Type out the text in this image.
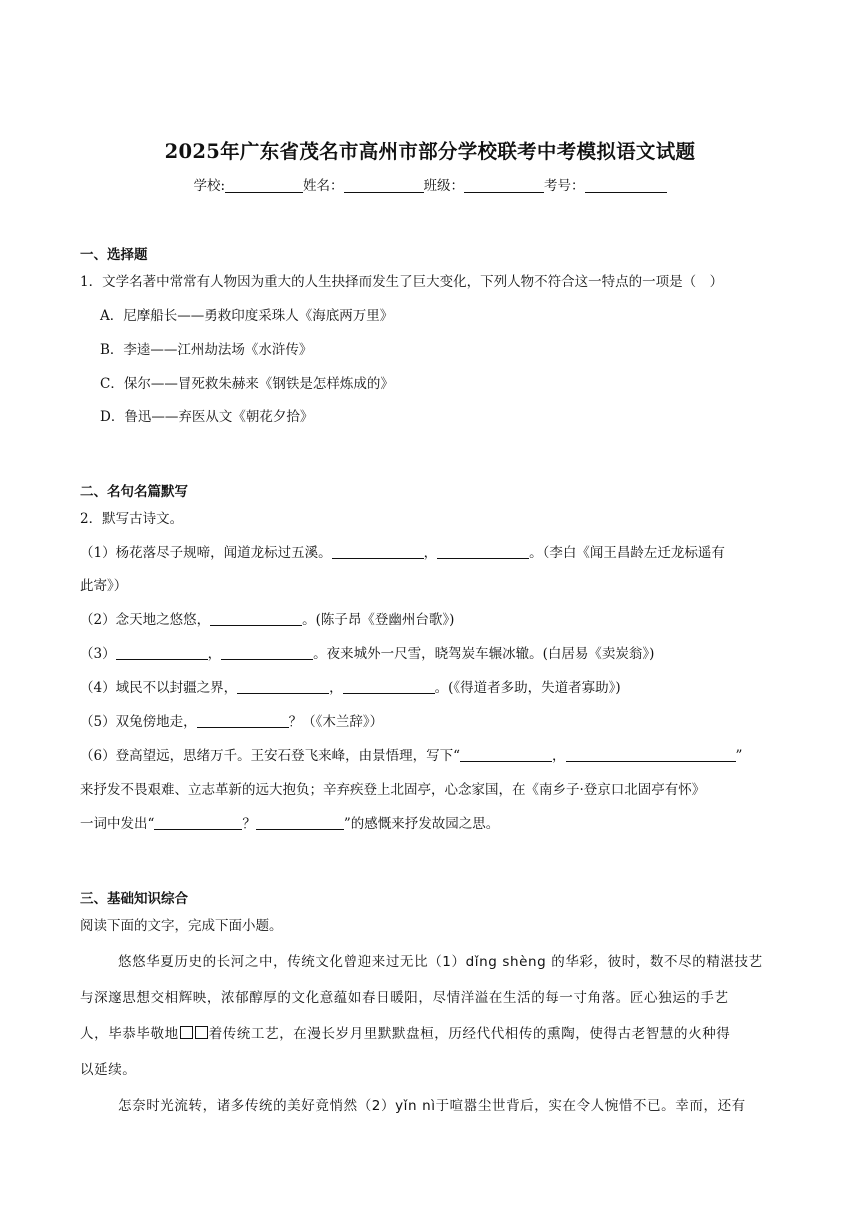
2025年广东省茂名市高州市部分学校联考中考模拟语文试题
学校:	姓名：	班级：	考号：
一、选择题
1．文学名著中常常有人物因为重大的人生抉择而发生了巨大变化，下列人物不符合这一特点的一项是（　）
A．尼摩船长——勇救印度采珠人《海底两万里》
B．李逵——江州劫法场《水浒传》
C．保尔——冒死救朱赫来《钢铁是怎样炼成的》
D．鲁迅——弃医从文《朝花夕拾》
二、名句名篇默写
2．默写古诗文。
（1）杨花落尽子规啼，闻道龙标过五溪。	，	。（李白《闻王昌龄左迁龙标遥有
此寄》）
（2）念天地之悠悠，	。(陈子昂《登幽州台歌》)
（3）	，	。夜来城外一尺雪，晓驾炭车辗冰辙。(白居易《卖炭翁》)
（4）域民不以封疆之界，	，	。(《得道者多助，失道者寡助》)
（5）双兔傍地走，	？（《木兰辞》）
（6）登高望远，思绪万千。王安石登飞来峰，由景悟理，写下“	，	”
来抒发不畏艰难、立志革新的远大抱负；辛弃疾登上北固亭，心念家国，在《南乡子·登京口北固亭有怀》
一词中发出“	？	”的感慨来抒发故园之思。
三、基础知识综合
阅读下面的文字，完成下面小题。
悠悠华夏历史的长河之中，传统文化曾迎来过无比（1）dǐng shèng 的华彩，彼时，数不尽的精湛技艺
与深邃思想交相辉映，浓郁醇厚的文化意蕴如春日暖阳，尽情洋溢在生活的每一寸角落。匠心独运的手艺
人，毕恭毕敬地 着传统工艺，在漫长岁月里默默盘桓，历经代代相传的熏陶，使得古老智慧的火种得
以延续。
怎奈时光流转，诸多传统的美好竟悄然（2）yǐn nì于喧嚣尘世背后，实在令人惋惜不已。幸而，还有
